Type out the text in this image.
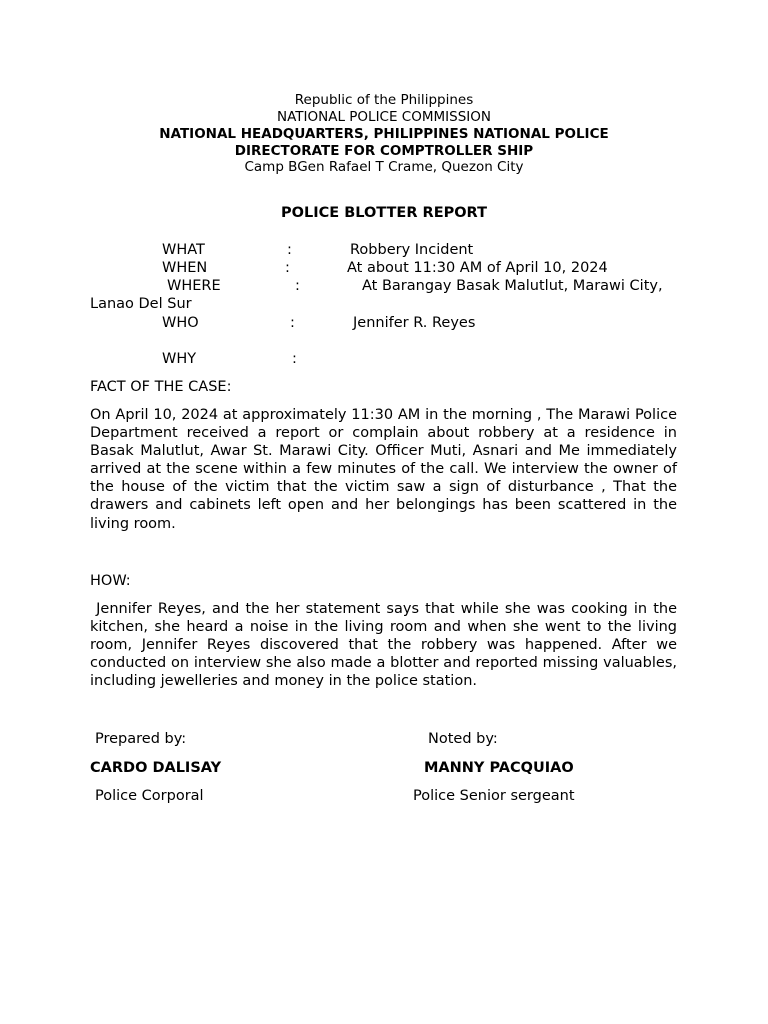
Republic of the Philippines
NATIONAL POLICE COMMISSION
NATIONAL HEADQUARTERS, PHILIPPINES NATIONAL POLICE
DIRECTORATE FOR COMPTROLLER SHIP
Camp BGen Rafael T Crame, Quezon City
POLICE BLOTTER REPORT
WHAT	:	Robbery Incident
WHEN	:	At about 11:30 AM of April 10, 2024
WHERE	:	At Barangay Basak Malutlut, Marawi City,
Lanao Del Sur
WHO	:	Jennifer R. Reyes
WHY	:
FACT OF THE CASE:
On April 10, 2024 at approximately 11:30 AM in the morning , The Marawi Police Department received a report or complain about robbery at a residence in Basak Malutlut, Awar St. Marawi City. Officer Muti, Asnari and Me immediately arrived at the scene within a few minutes of the call. We interview the owner of the house of the victim that the victim saw a sign of disturbance , That the drawers and cabinets left open and her belongings has been scattered in the living room.
HOW:
Jennifer Reyes, and the her statement says that while she was cooking in the kitchen, she heard a noise in the living room and when she went to the living room, Jennifer Reyes discovered that the robbery was happened. After we conducted on interview she also made a blotter and reported missing valuables, including jewelleries and money in the police station.
Prepared by:	Noted by:
CARDO DALISAY	MANNY PACQUIAO
Police Corporal	Police Senior sergeant
